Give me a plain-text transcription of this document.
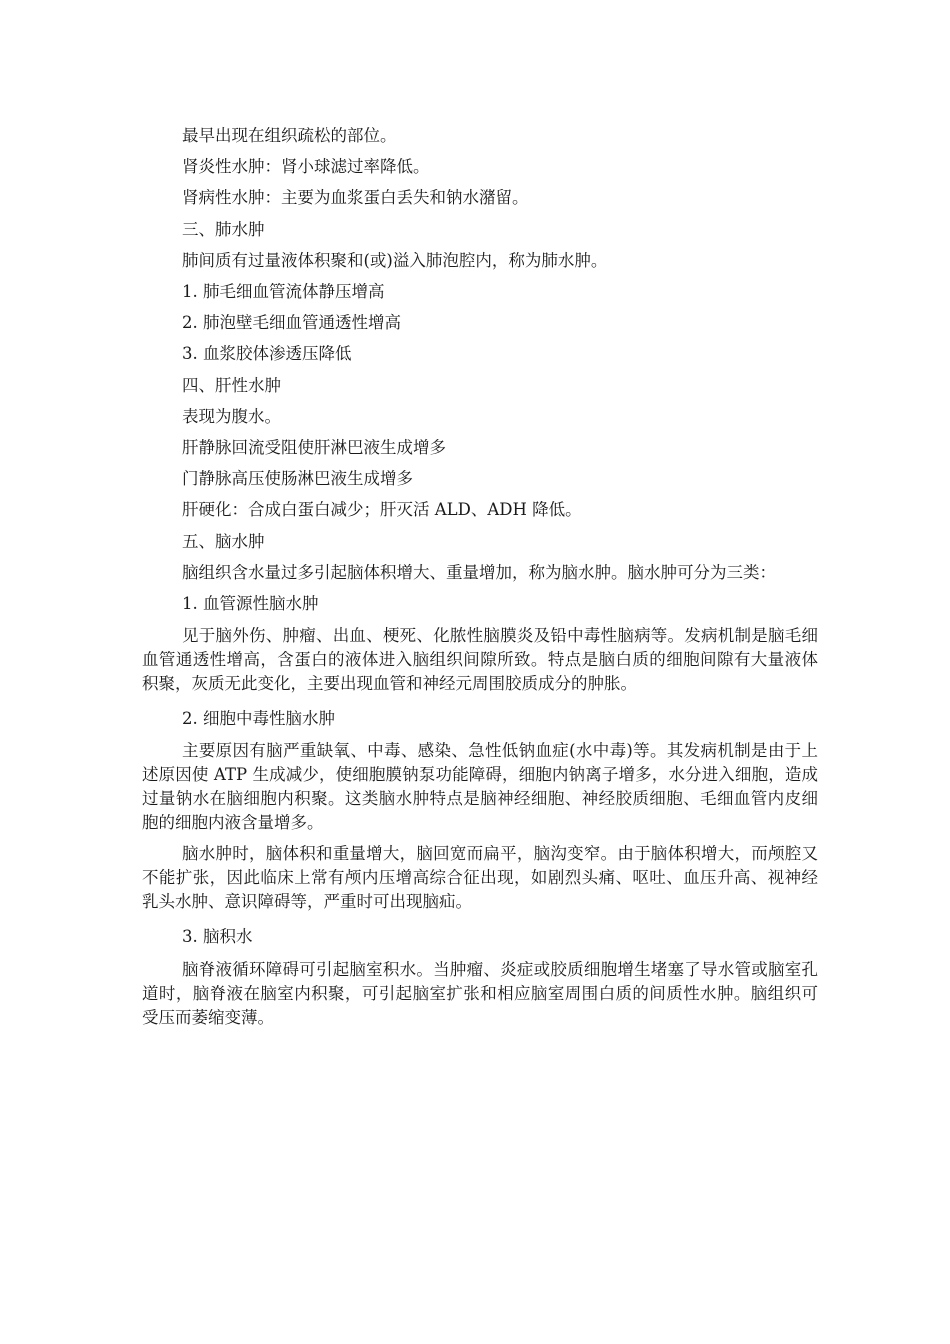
最早出现在组织疏松的部位。
肾炎性水肿：肾小球滤过率降低。
肾病性水肿：主要为血浆蛋白丢失和钠水潴留。
三、肺水肿
肺间质有过量液体积聚和(或)溢入肺泡腔内，称为肺水肿。
1. 肺毛细血管流体静压增高
2. 肺泡壁毛细血管通透性增高
3. 血浆胶体渗透压降低
四、肝性水肿
表现为腹水。
肝静脉回流受阻使肝淋巴液生成增多
门静脉高压使肠淋巴液生成增多
肝硬化：合成白蛋白减少；肝灭活 ALD、ADH 降低。
五、脑水肿
脑组织含水量过多引起脑体积增大、重量增加，称为脑水肿。脑水肿可分为三类：
1. 血管源性脑水肿

见于脑外伤、肿瘤、出血、梗死、化脓性脑膜炎及铅中毒性脑病等。发病机制是脑毛细血管通透性增高，含蛋白的液体进入脑组织间隙所致。特点是脑白质的细胞间隙有大量液体积聚，灰质无此变化，主要出现血管和神经元周围胶质成分的肿胀。

2. 细胞中毒性脑水肿

主要原因有脑严重缺氧、中毒、感染、急性低钠血症(水中毒)等。其发病机制是由于上述原因使 ATP 生成减少，使细胞膜钠泵功能障碍，细胞内钠离子增多，水分进入细胞，造成过量钠水在脑细胞内积聚。这类脑水肿特点是脑神经细胞、神经胶质细胞、毛细血管内皮细胞的细胞内液含量增多。

脑水肿时，脑体积和重量增大，脑回宽而扁平，脑沟变窄。由于脑体积增大，而颅腔又不能扩张，因此临床上常有颅内压增高综合征出现，如剧烈头痛、呕吐、血压升高、视神经乳头水肿、意识障碍等，严重时可出现脑疝。

3. 脑积水

脑脊液循环障碍可引起脑室积水。当肿瘤、炎症或胶质细胞增生堵塞了导水管或脑室孔道时，脑脊液在脑室内积聚，可引起脑室扩张和相应脑室周围白质的间质性水肿。脑组织可受压而萎缩变薄。
